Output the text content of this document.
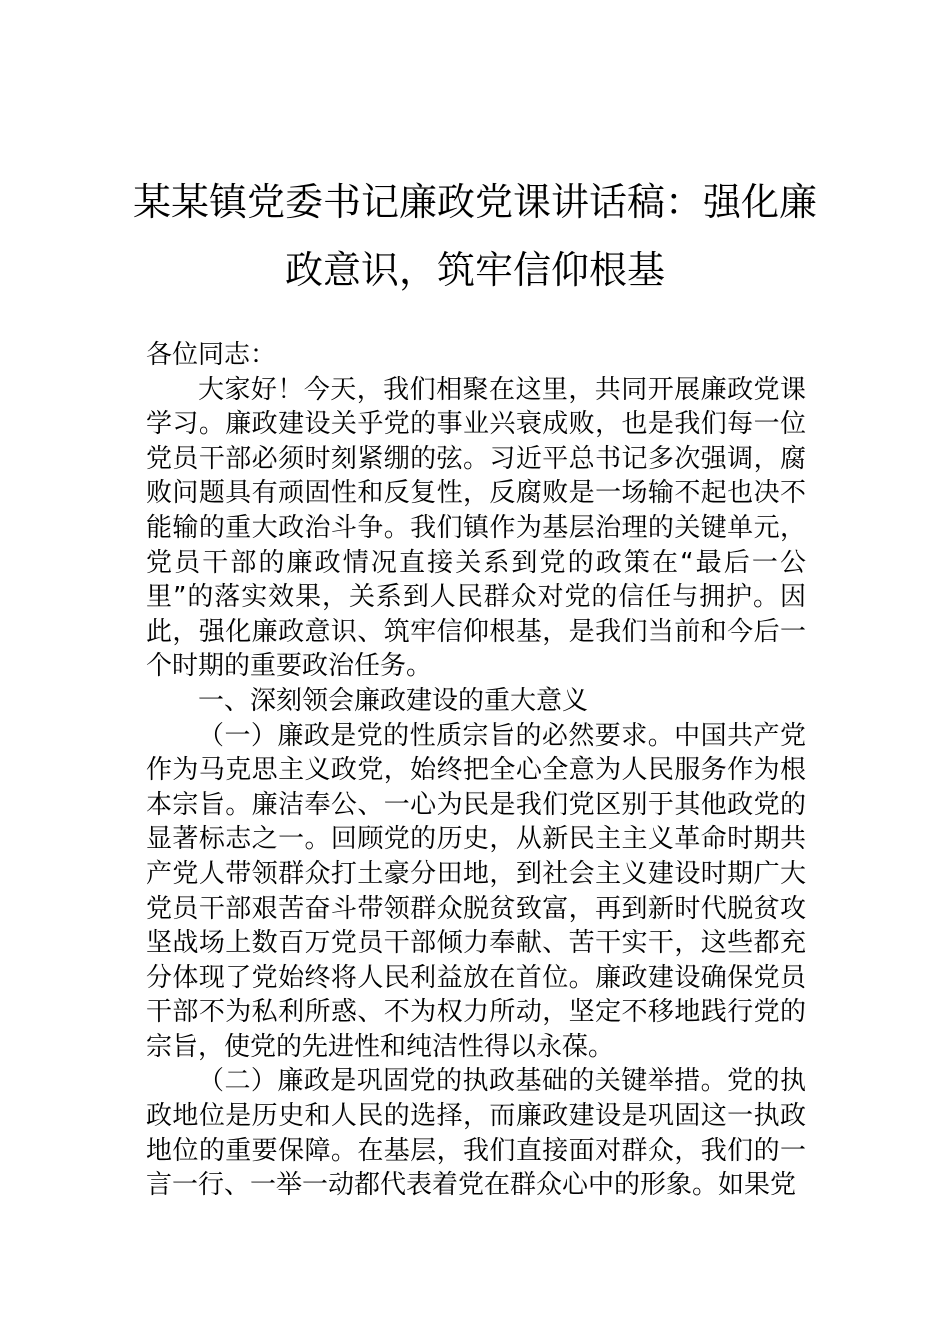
某某镇党委书记廉政党课讲话稿：强化廉
政意识，筑牢信仰根基

各位同志：

大家好！今天，我们相聚在这里，共同开展廉政党课学习。廉政建设关乎党的事业兴衰成败，也是我们每一位党员干部必须时刻紧绷的弦。习近平总书记多次强调，腐败问题具有顽固性和反复性，反腐败是一场输不起也决不能输的重大政治斗争。我们镇作为基层治理的关键单元，党员干部的廉政情况直接关系到党的政策在“最后一公里”的落实效果，关系到人民群众对党的信任与拥护。因此，强化廉政意识、筑牢信仰根基，是我们当前和今后一个时期的重要政治任务。

一、深刻领会廉政建设的重大意义

（一）廉政是党的性质宗旨的必然要求。中国共产党作为马克思主义政党，始终把全心全意为人民服务作为根本宗旨。廉洁奉公、一心为民是我们党区别于其他政党的显著标志之一。回顾党的历史，从新民主主义革命时期共产党人带领群众打土豪分田地，到社会主义建设时期广大党员干部艰苦奋斗带领群众脱贫致富，再到新时代脱贫攻坚战场上数百万党员干部倾力奉献、苦干实干，这些都充分体现了党始终将人民利益放在首位。廉政建设确保党员干部不为私利所惑、不为权力所动，坚定不移地践行党的宗旨，使党的先进性和纯洁性得以永葆。

（二）廉政是巩固党的执政基础的关键举措。党的执政地位是历史和人民的选择，而廉政建设是巩固这一执政地位的重要保障。在基层，我们直接面对群众，我们的一言一行、一举一动都代表着党在群众心中的形象。如果党
